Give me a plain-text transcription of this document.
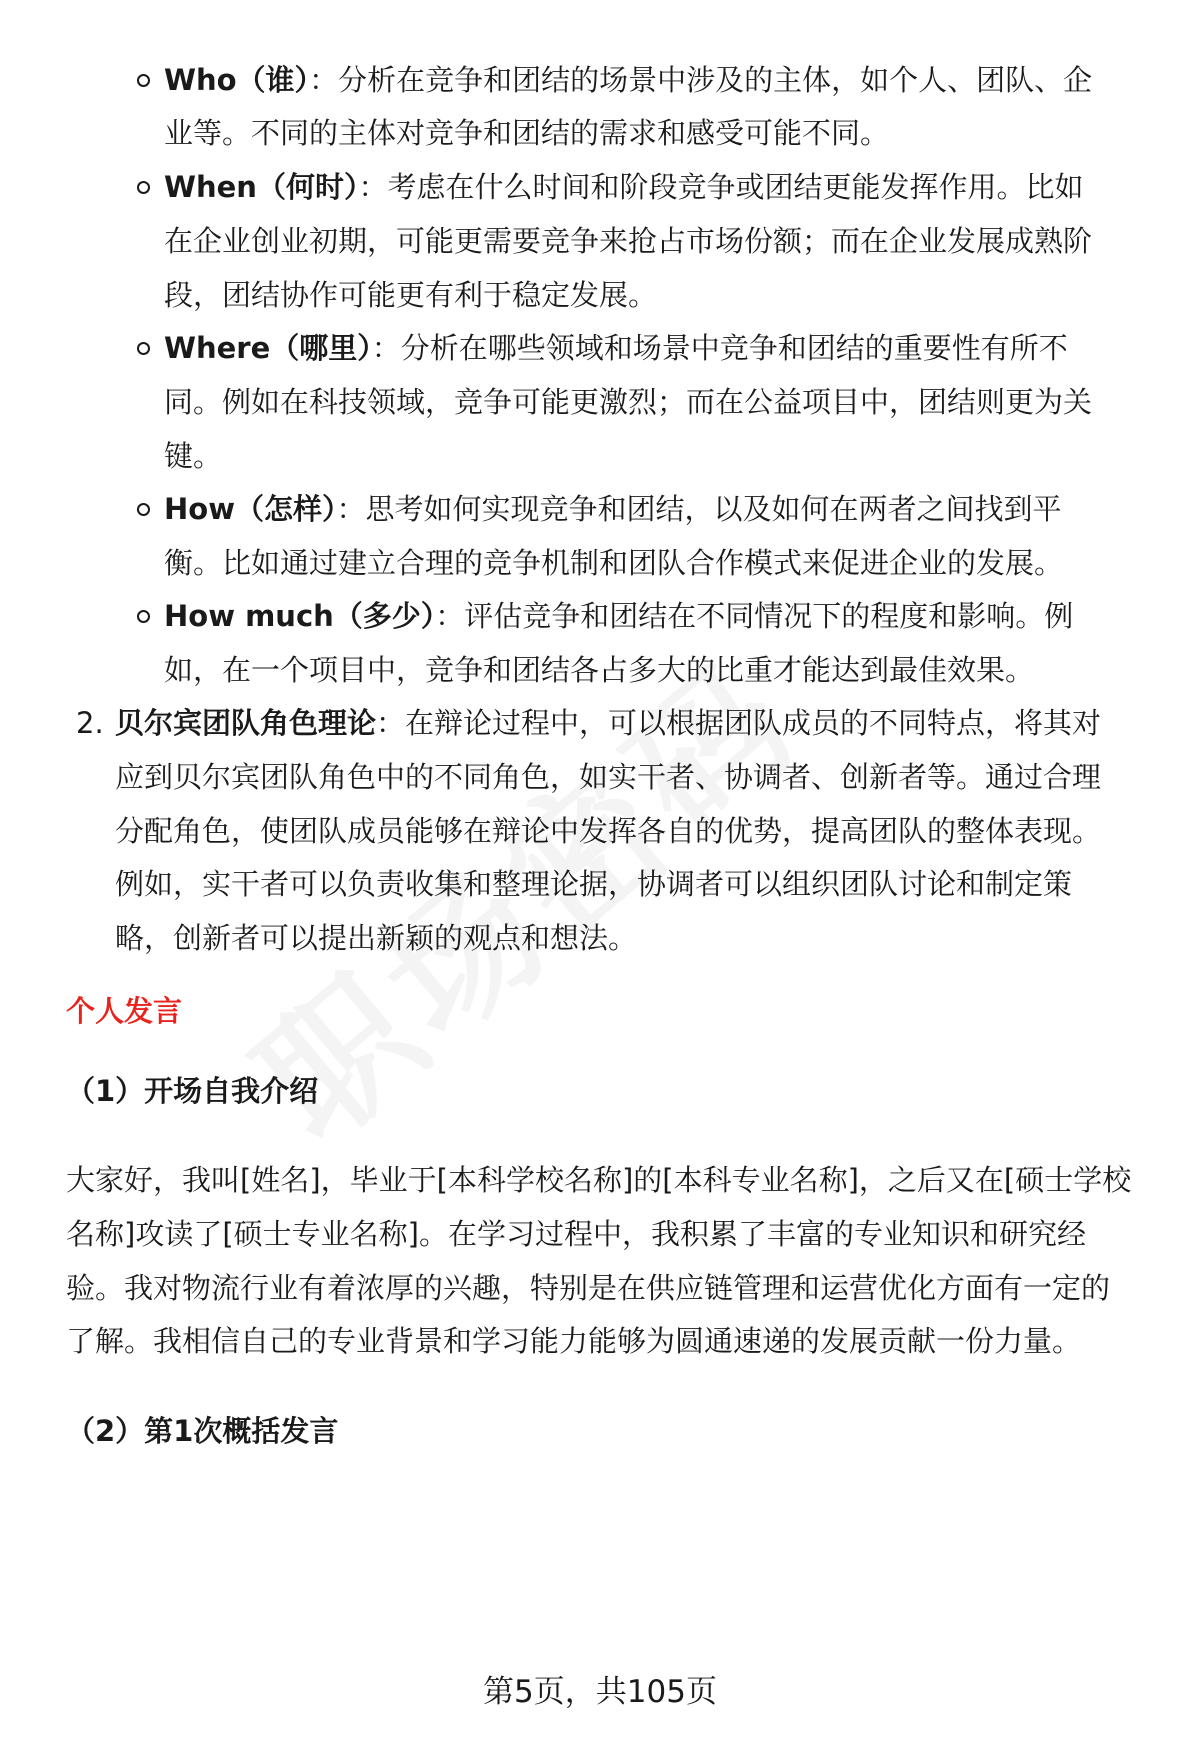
Who（谁）：分析在竞争和团结的场景中涉及的主体，如个人、团队、企
业等。不同的主体对竞争和团结的需求和感受可能不同。
When（何时）：考虑在什么时间和阶段竞争或团结更能发挥作用。比如
在企业创业初期，可能更需要竞争来抢占市场份额；而在企业发展成熟阶
段，团结协作可能更有利于稳定发展。
Where（哪里）：分析在哪些领域和场景中竞争和团结的重要性有所不
同。例如在科技领域，竞争可能更激烈；而在公益项目中，团结则更为关
键。
How（怎样）：思考如何实现竞争和团结，以及如何在两者之间找到平
衡。比如通过建立合理的竞争机制和团队合作模式来促进企业的发展。
How much（多少）：评估竞争和团结在不同情况下的程度和影响。例
如，在一个项目中，竞争和团结各占多大的比重才能达到最佳效果。
2. 贝尔宾团队角色理论：在辩论过程中，可以根据团队成员的不同特点，将其对
应到贝尔宾团队角色中的不同角色，如实干者、协调者、创新者等。通过合理
分配角色，使团队成员能够在辩论中发挥各自的优势，提高团队的整体表现。
例如，实干者可以负责收集和整理论据，协调者可以组织团队讨论和制定策
略，创新者可以提出新颖的观点和想法。
个人发言
（1）开场自我介绍
大家好，我叫[姓名]，毕业于[本科学校名称]的[本科专业名称]，之后又在[硕士学校
名称]攻读了[硕士专业名称]。在学习过程中，我积累了丰富的专业知识和研究经
验。我对物流行业有着浓厚的兴趣，特别是在供应链管理和运营优化方面有一定的
了解。我相信自己的专业背景和学习能力能够为圆通速递的发展贡献一份力量。
（2）第1次概括发言
第5页，共105页
